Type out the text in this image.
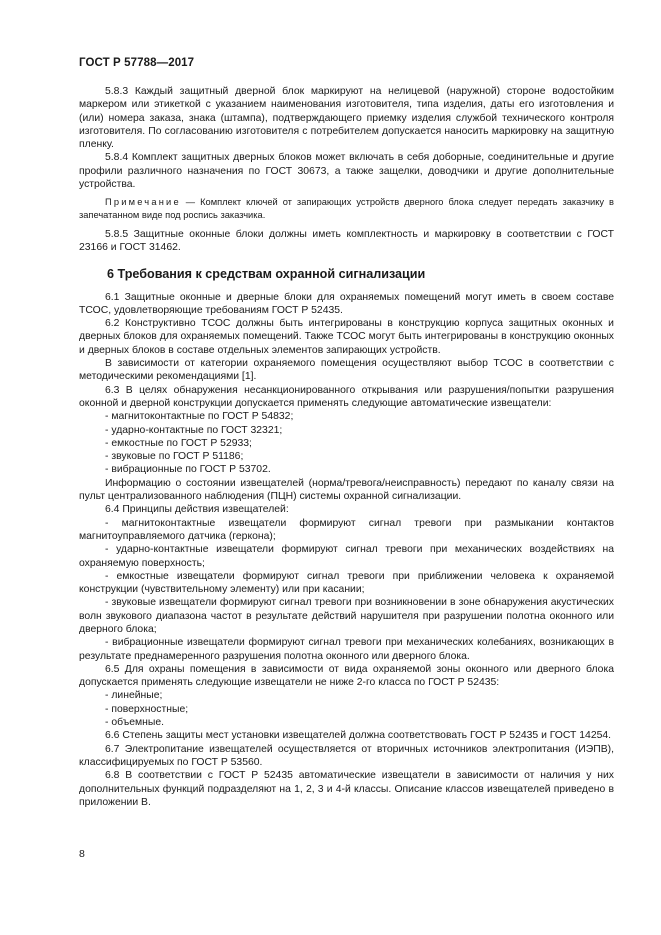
ГОСТ Р 57788—2017

5.8.3 Каждый защитный дверной блок маркируют на нелицевой (наружной) стороне водостойким маркером или этикеткой с указанием наименования изготовителя, типа изделия, даты его изготовления и (или) номера заказа, знака (штампа), подтверждающего приемку изделия службой технического контроля изготовителя. По согласованию изготовителя с потребителем допускается наносить маркировку на защитную пленку.

5.8.4 Комплект защитных дверных блоков может включать в себя доборные, соединительные и другие профили различного назначения по ГОСТ 30673, а также защелки, доводчики и другие дополнительные устройства.

Примечание — Комплект ключей от запирающих устройств дверного блока следует передать заказчику в запечатанном виде под роспись заказчика.

5.8.5 Защитные оконные блоки должны иметь комплектность и маркировку в соответствии с ГОСТ 23166 и ГОСТ 31462.

6 Требования к средствам охранной сигнализации

6.1 Защитные оконные и дверные блоки для охраняемых помещений могут иметь в своем составе ТСОС, удовлетворяющие требованиям ГОСТ Р 52435.

6.2 Конструктивно ТСОС должны быть интегрированы в конструкцию корпуса защитных оконных и дверных блоков для охраняемых помещений. Также ТСОС могут быть интегрированы в конструкцию оконных и дверных блоков в составе отдельных элементов запирающих устройств.

В зависимости от категории охраняемого помещения осуществляют выбор ТСОС в соответствии с методическими рекомендациями [1].

6.3 В целях обнаружения несанкционированного открывания или разрушения/попытки разрушения оконной и дверной конструкции допускается применять следующие автоматические извещатели:

- магнитоконтактные по ГОСТ Р 54832;

- ударно-контактные по ГОСТ 32321;

- емкостные по ГОСТ Р 52933;

- звуковые по ГОСТ Р 51186;

- вибрационные по ГОСТ Р 53702.

Информацию о состоянии извещателей (норма/тревога/неисправность) передают по каналу связи на пульт централизованного наблюдения (ПЦН) системы охранной сигнализации.

6.4 Принципы действия извещателей:

- магнитоконтактные извещатели формируют сигнал тревоги при размыкании контактов магнитоуправляемого датчика (геркона);

- ударно-контактные извещатели формируют сигнал тревоги при механических воздействиях на охраняемую поверхность;

- емкостные извещатели формируют сигнал тревоги при приближении человека к охраняемой конструкции (чувствительному элементу) или при касании;

- звуковые извещатели формируют сигнал тревоги при возникновении в зоне обнаружения акустических волн звукового диапазона частот в результате действий нарушителя при разрушении полотна оконного или дверного блока;

- вибрационные извещатели формируют сигнал тревоги при механических колебаниях, возникающих в результате преднамеренного разрушения полотна оконного или дверного блока.

6.5 Для охраны помещения в зависимости от вида охраняемой зоны оконного или дверного блока допускается применять следующие извещатели не ниже 2-го класса по ГОСТ Р 52435:

- линейные;

- поверхностные;

- объемные.

6.6 Степень защиты мест установки извещателей должна соответствовать ГОСТ Р 52435 и ГОСТ 14254.

6.7 Электропитание извещателей осуществляется от вторичных источников электропитания (ИЭПВ), классифицируемых по ГОСТ Р 53560.

6.8 В соответствии с ГОСТ Р 52435 автоматические извещатели в зависимости от наличия у них дополнительных функций подразделяют на 1, 2, 3 и 4-й классы. Описание классов извещателей приведено в приложении В.

8
